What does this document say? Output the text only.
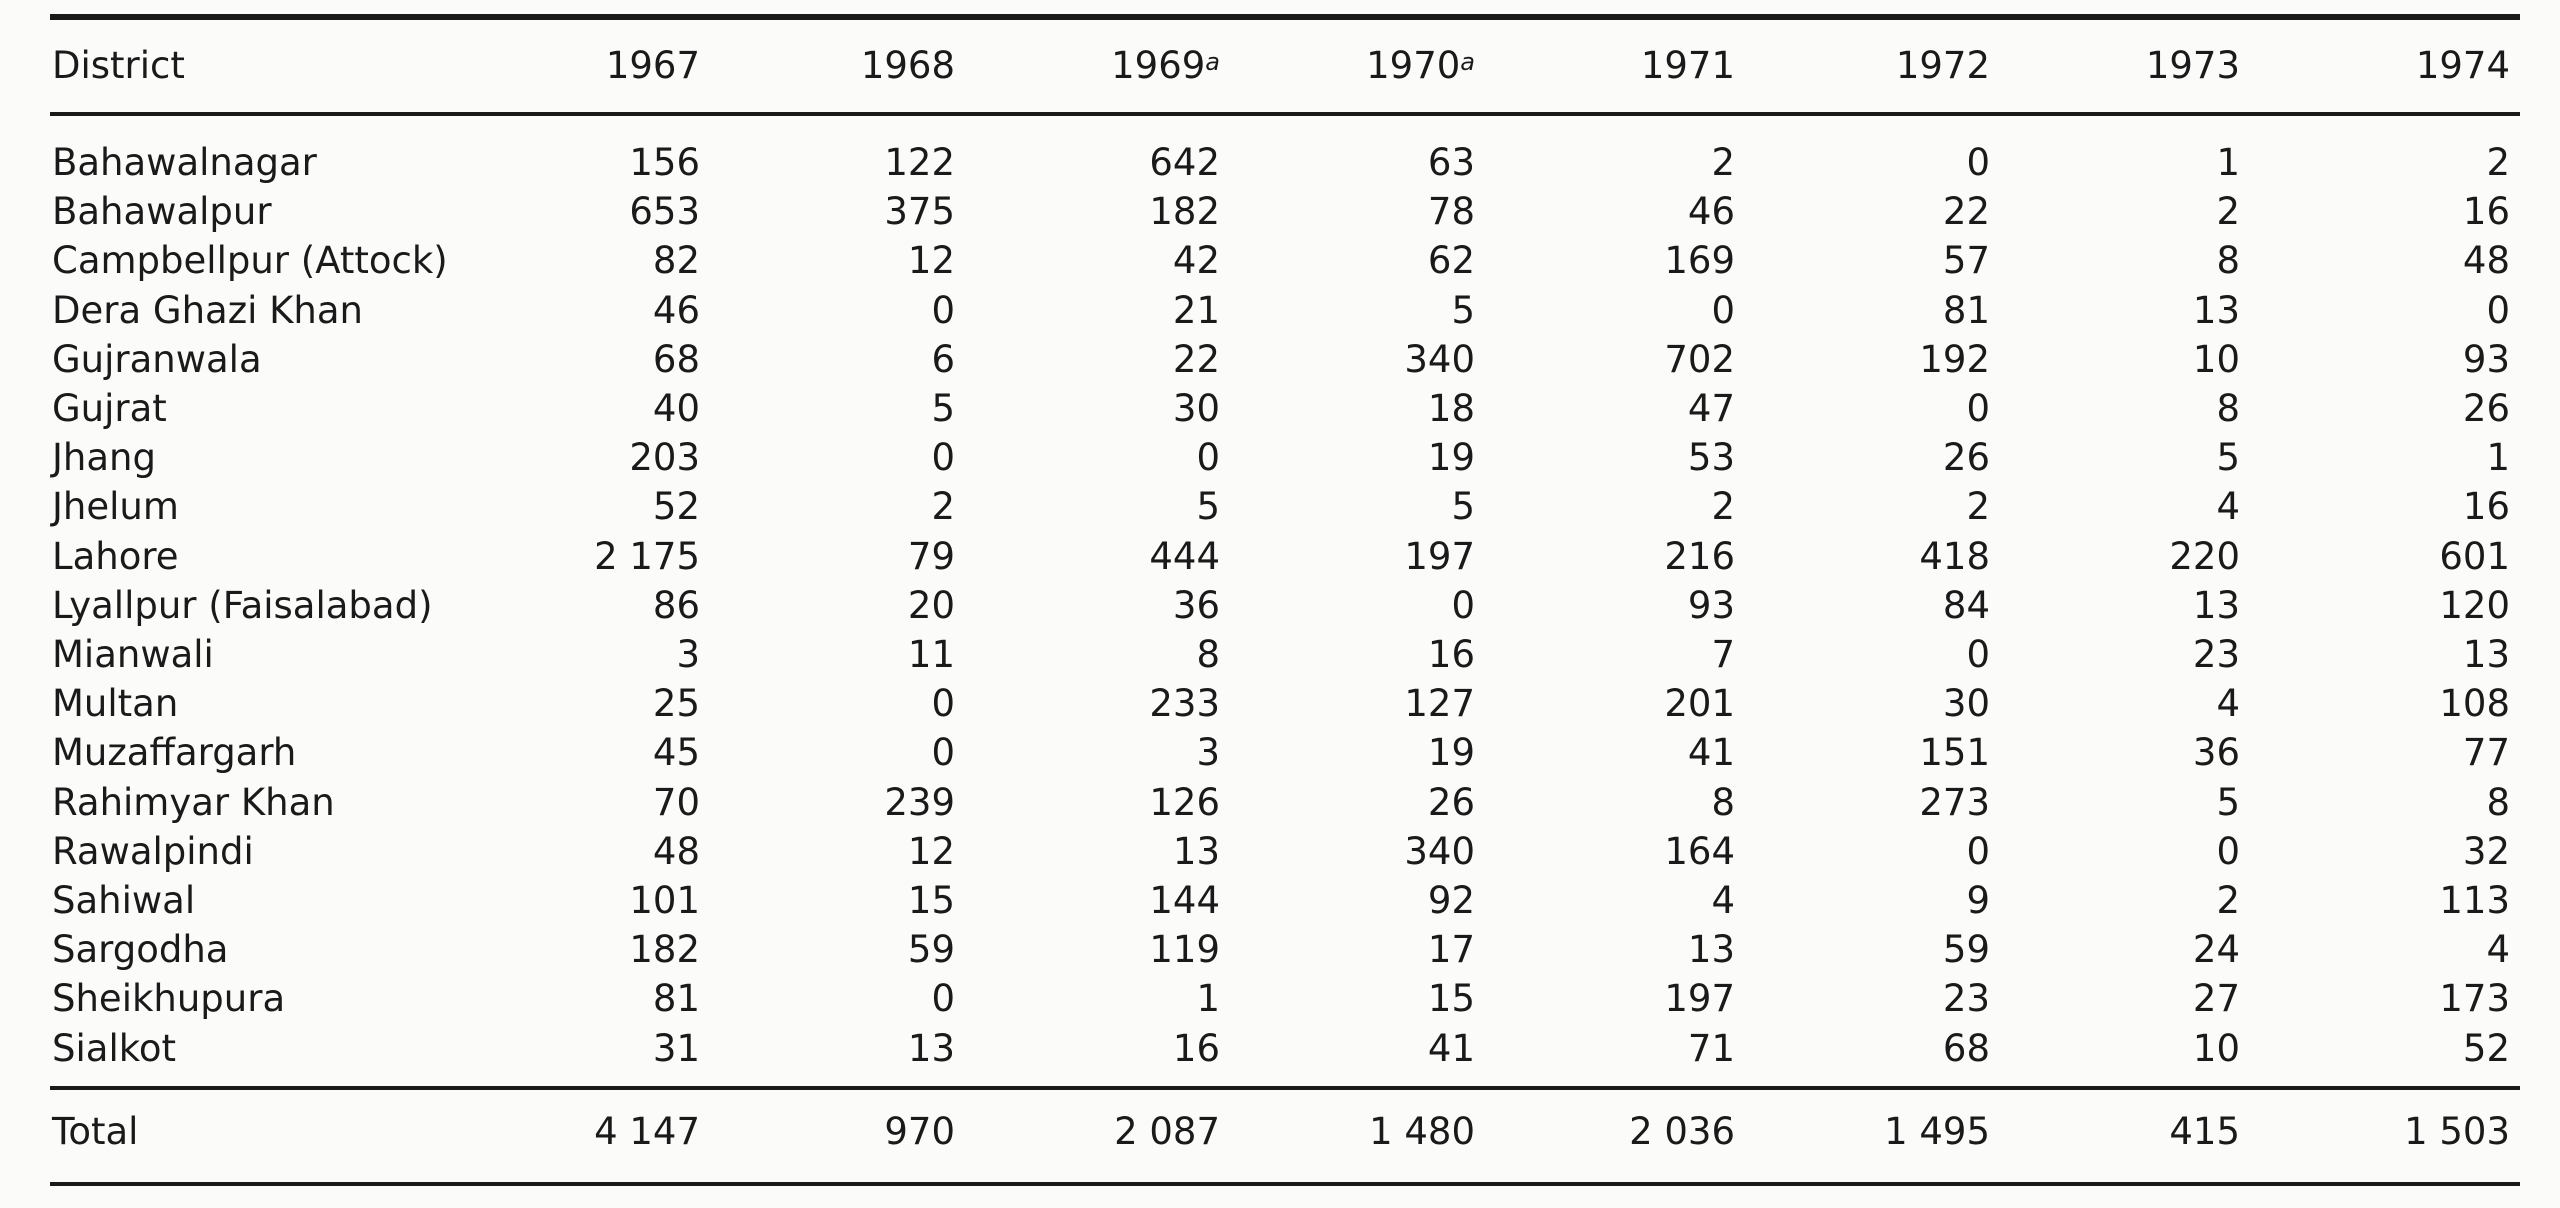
District	1967	1968	1969$^a$	1970$^a$	1971	1972	1973	1974
Bahawalnagar	156	122	642	63	2	0	1	2
Bahawalpur	653	375	182	78	46	22	2	16
Campbellpur (Attock)	82	12	42	62	169	57	8	48
Dera Ghazi Khan	46	0	21	5	0	81	13	0
Gujranwala	68	6	22	340	702	192	10	93
Gujrat	40	5	30	18	47	0	8	26
Jhang	203	0	0	19	53	26	5	1
Jhelum	52	2	5	5	2	2	4	16
Lahore	2 175	79	444	197	216	418	220	601
Lyallpur (Faisalabad)	86	20	36	0	93	84	13	120
Mianwali	3	11	8	16	7	0	23	13
Multan	25	0	233	127	201	30	4	108
Muzaffargarh	45	0	3	19	41	151	36	77
Rahimyar Khan	70	239	126	26	8	273	5	8
Rawalpindi	48	12	13	340	164	0	0	32
Sahiwal	101	15	144	92	4	9	2	113
Sargodha	182	59	119	17	13	59	24	4
Sheikhupura	81	0	1	15	197	23	27	173
Sialkot	31	13	16	41	71	68	10	52
Total	4 147	970	2 087	1 480	2 036	1 495	415	1 503
